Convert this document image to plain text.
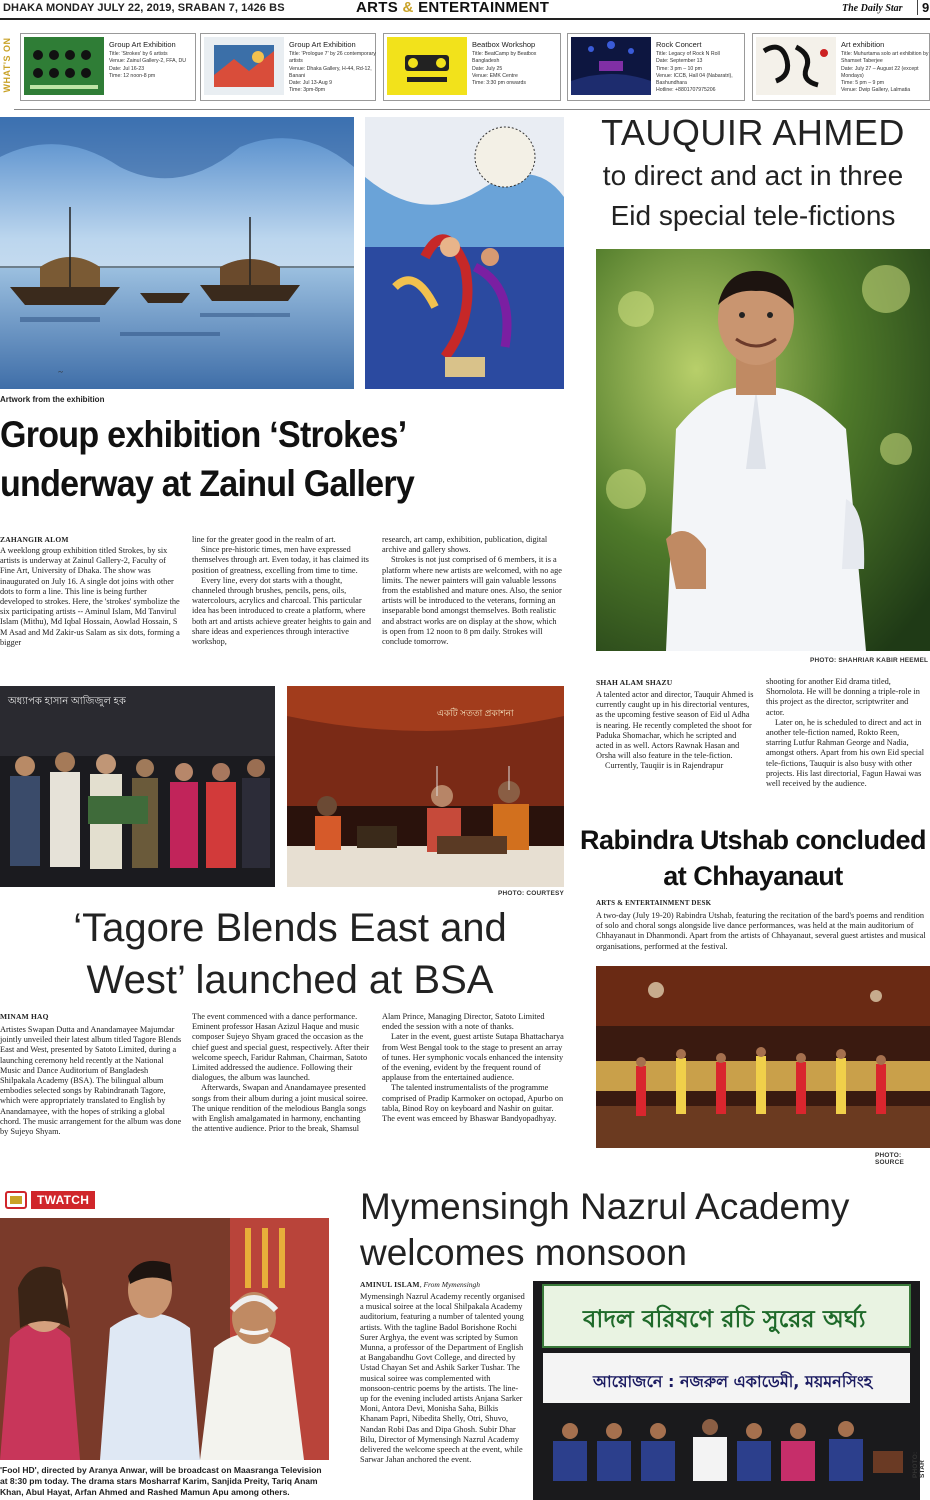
DHAKA MONDAY JULY 22, 2019, SRABAN 7, 1426 BS	ARTS & ENTERTAINMENT	The Daily Star	9
WHAT'S ON	Group Art Exhibition
Title: 'Strokes' by 6 artists
Venue: Zainul Gallery-2, FFA, DU
Date: Jul 16-23
Time: 12 noon-8 pm
Group Art Exhibition
Title: 'Prologue 7' by 26 contemporary artists
Venue: Dhaka Gallery, H-44, Rd-12, Banani
Date: Jul 13-Aug 9
Time: 3pm-8pm
Beatbox Workshop
Title: BeatCamp by Beatbox Bangladesh
Date: July 25
Venue: EMK Centre
Time: 3:30 pm onwards
Rock Concert
Title: Legacy of Rock N Roll
Date: September 13
Time: 3 pm – 10 pm
Venue: ICCB, Hall 04 (Nabaratri), Bashundhara
Hotline: +8801707975206
Art exhibition
Title: Muhurtama solo art exhibition by Shamset Taberjee
Date: July 27 – August 22 (except Mondays)
Time: 5 pm – 9 pm
Venue: Dwip Gallery, Lalmatia
~
Artwork from the exhibition
Group exhibition ‘Strokes’
underway at Zainul Gallery
ZAHANGIR ALOM

A weeklong group exhibition titled Strokes, by six artists is underway at Zainul Gallery-2, Faculty of Fine Art, University of Dhaka. The show was inaugurated on July 16. A single dot joins with other dots to form a line. This line is being further developed to strokes. Here, the 'strokes' symbolize the six participating artists -- Aminul Islam, Md Tanvirul Islam (Mithu), Md Iqbal Hossain, Aowlad Hossain, S M Asad and Md Zakir-us Salam as six dots, forming a bigger

line for the greater good in the realm of art.

Since pre-historic times, men have expressed themselves through art. Even today, it has claimed its position of greatness, excelling from time to time.

Every line, every dot starts with a thought, channeled through brushes, pencils, pens, oils, watercolours, acrylics and charcoal. This particular idea has been introduced to create a platform, where both art and artists achieve greater heights to gain and share ideas and experiences through interactive workshop,

research, art camp, exhibition, publication, digital archive and gallery shows.

Strokes is not just comprised of 6 members, it is a platform where new artists are welcomed, with no age limits. The newer painters will gain valuable lessons from the established and mature ones. Also, the senior artists will be introduced to the veterans, forming an inseparable bond amongst themselves. Both realistic and abstract works are on display at the show, which is open from 12 noon to 8 pm daily. Strokes will conclude tomorrow.

TAUQUIR AHMED
to direct and act in three
Eid special tele-fictions
PHOTO: SHAHRIAR KABIR HEEMEL
SHAH ALAM SHAZU

A talented actor and director, Tauquir Ahmed is currently caught up in his directorial ventures, as the upcoming festive season of Eid ul Adha is nearing. He recently completed the shoot for Paduka Shomachar, which he scripted and acted in as well. Actors Rawnak Hasan and Orsha will also feature in the tele-fiction.

Currently, Tauqiir is in Rajendrapur

shooting for another Eid drama titled, Shornolota. He will be donning a triple-role in this project as the director, scriptwriter and actor.

Later on, he is scheduled to direct and act in another tele-fiction named, Rokto Reen, starring Lutfur Rahman George and Nadia, amongst others. Apart from his own Eid special tele-fictions, Tauquir is also busy with other projects. His last directorial, Fagun Hawai was well received by the audience.

অধ্যাপক হাসান আজিজুল হক
একটি সততা প্রকাশনা
PHOTO: COURTESY
‘Tagore Blends East and
West’ launched at BSA
MINAM HAQ

Artistes Swapan Dutta and Anandamayee Majumdar jointly unveiled their latest album titled Tagore Blends East and West, presented by Satoto Limited, during a launching ceremony held recently at the National Music and Dance Auditorium of Bangladesh Shilpakala Academy (BSA). The bilingual album embodies selected songs by Rabindranath Tagore, which were appropriately translated to English by Anandamayee, with the hopes of striking a global chord. The music arrangement for the album was done by Sujeyo Shyam.

The event commenced with a dance performance. Eminent professor Hasan Azizul Haque and music composer Sujeyo Shyam graced the occasion as the chief guest and special guest, respectively. After their welcome speech, Faridur Rahman, Chairman, Satoto Limited addressed the audience. Following their dialogues, the album was launched.

Afterwards, Swapan and Anandamayee presented songs from their album during a joint musical soiree. The unique rendition of the melodious Bangla songs with English amalgamated in harmony, enchanting the attentive audience. Prior to the break, Shamsul

Alam Prince, Managing Director, Satoto Limited ended the session with a note of thanks.

Later in the event, guest artiste Sutapa Bhattacharya from West Bengal took to the stage to present an array of tunes. Her symphonic vocals enhanced the intensity of the evening, evident by the frequent round of applause from the entertained audience.

The talented instrumentalists of the programme comprised of Pradip Karmoker on octopad, Apurbo on tabla, Binod Roy on keyboard and Nashir on guitar. The event was emceed by Bhaswar Bandyopadhyay.

Rabindra Utshab concluded
at Chhayanaut
ARTS & ENTERTAINMENT DESK
A two-day (July 19-20) Rabindra Utshab, featuring the recitation of the bard's poems and rendition of solo and choral songs alongside live dance performances, was held at the main auditorium of Chhayanaut in Dhanmondi. Apart from the artists of Chhayanaut, several guest artistes and musical organisations, performed at the festival.
PHOTO: SOURCE
TWATCH
'Fool HD', directed by Aranya Anwar, will be broadcast on Maasranga Television at 8:30 pm today. The drama stars Mosharraf Karim, Sanjida Preity, Tariq Anam Khan, Abul Hayat, Arfan Ahmed and Rashed Mamun Apu among others.
Mymensingh Nazrul Academy
welcomes monsoon
AMINUL ISLAM, From Mymensingh

Mymensingh Nazrul Academy recently organised a musical soiree at the local Shilpakala Academy auditorium, featuring a number of talented young artists. With the tagline Badol Borishone Rochi Surer Arghya, the event was scripted by Sumon Munna, a professor of the Department of English at Bangabandhu Govt College, and directed by Ustad Chayan Set and Ashik Sarker Tushar. The musical soiree was complemented with monsoon-centric poems by the artists. The line-up for the evening included artists Anjana Sarker Moni, Antora Devi, Monisha Saha, Bilkis Khanam Papri, Nibedita Shelly, Otri, Shuvo, Nandan Robi Das and Dipa Ghosh. Subir Dhar Bilu, Director of Mymensingh Nazrul Academy delivered the welcome speech at the event, while Sarwar Jahan anchored the event.

বাদল বরিষণে রচি সুরের অর্ঘ্য
আয়োজনে : নজরুল একাডেমী, ময়মনসিংহ
PHOTO: STAR
